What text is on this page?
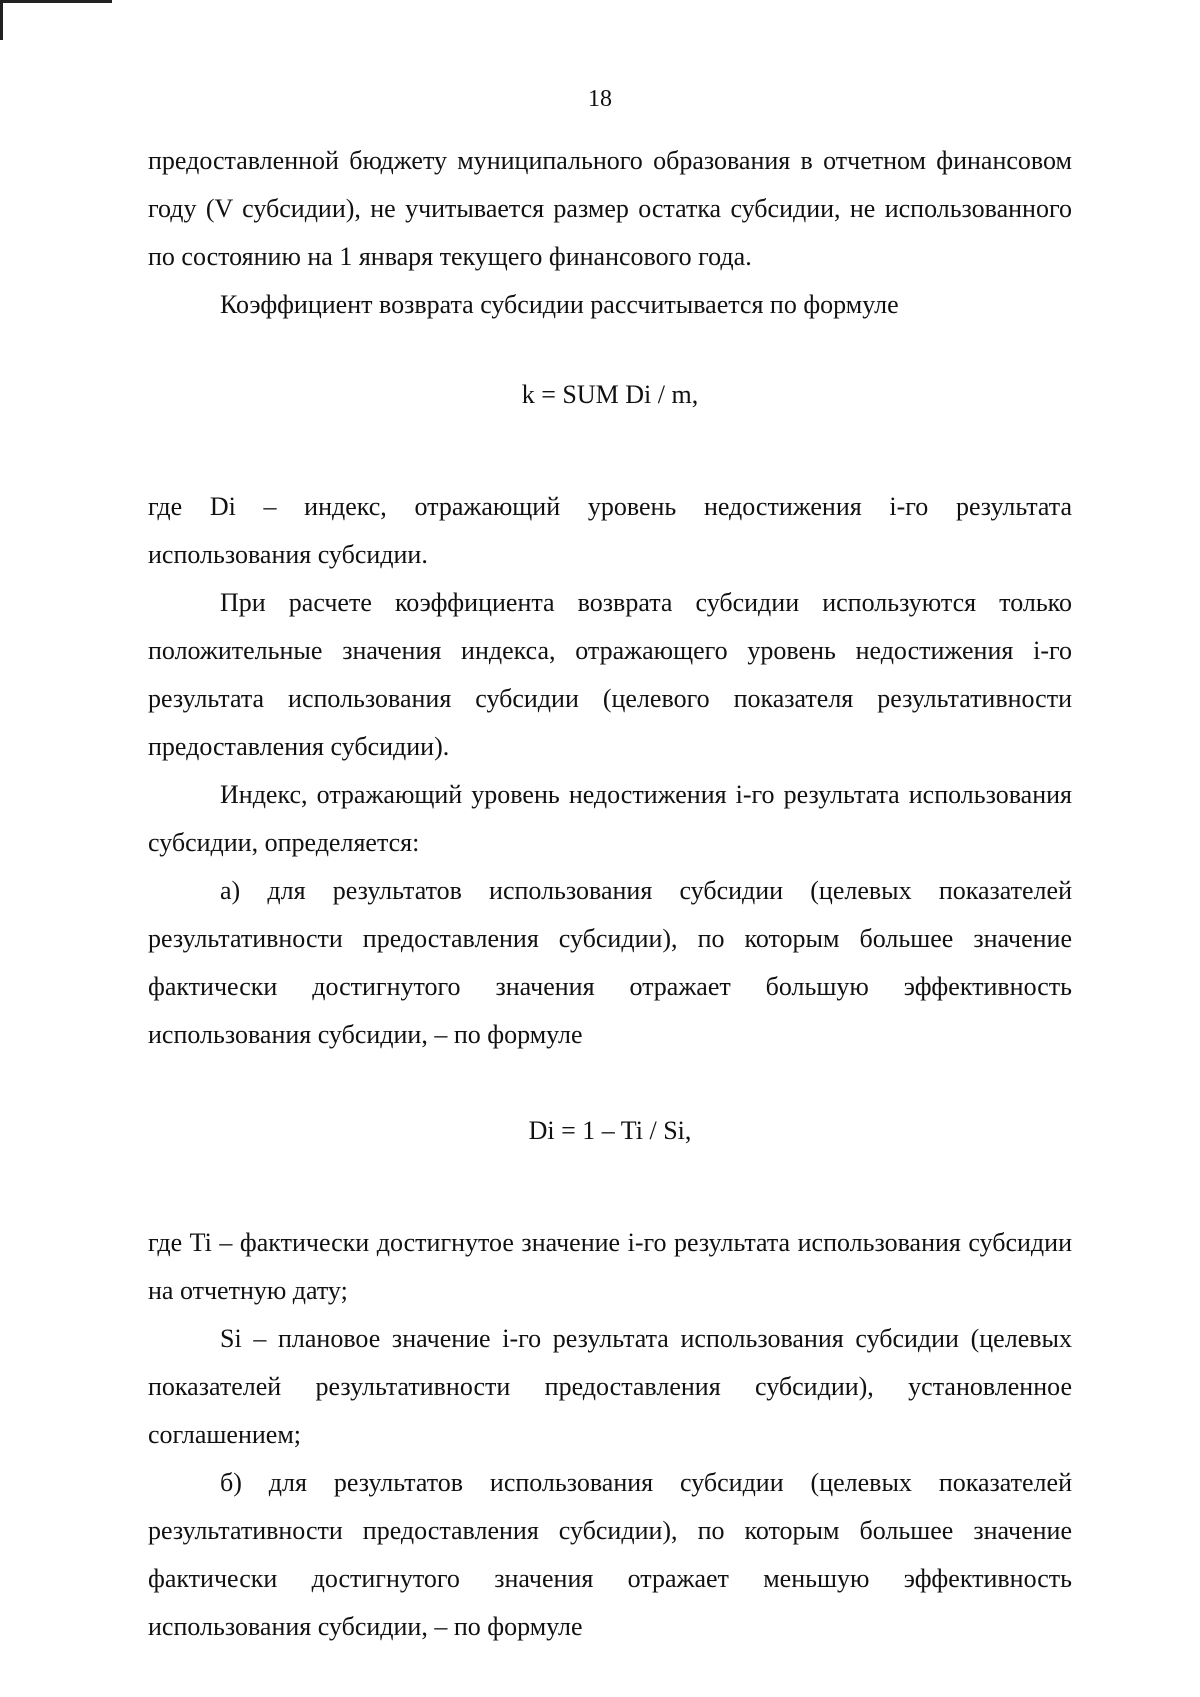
18

предоставленной бюджету муниципального образования в отчетном финансовом году (V субсидии), не учитывается размер остатка субсидии, не использованного по состоянию на 1 января текущего финансового года.

Коэффициент возврата субсидии рассчитывается по формуле

k = SUM Di / m,

где Di – индекс, отражающий уровень недостижения i-го результата использования субсидии.

При расчете коэффициента возврата субсидии используются только положительные значения индекса, отражающего уровень недостижения i-го результата использования субсидии (целевого показателя результативности предоставления субсидии).

Индекс, отражающий уровень недостижения i-го результата использования субсидии, определяется:

а) для результатов использования субсидии (целевых показателей результативности предоставления субсидии), по которым большее значение фактически достигнутого значения отражает большую эффективность использования субсидии, – по формуле

Di = 1 – Ti / Si,

где Ti – фактически достигнутое значение i-го результата использования субсидии на отчетную дату;

Si – плановое значение i-го результата использования субсидии (целевых показателей результативности предоставления субсидии), установленное соглашением;

б) для результатов использования субсидии (целевых показателей результативности предоставления субсидии), по которым большее значение фактически достигнутого значения отражает меньшую эффективность использования субсидии, – по формуле
